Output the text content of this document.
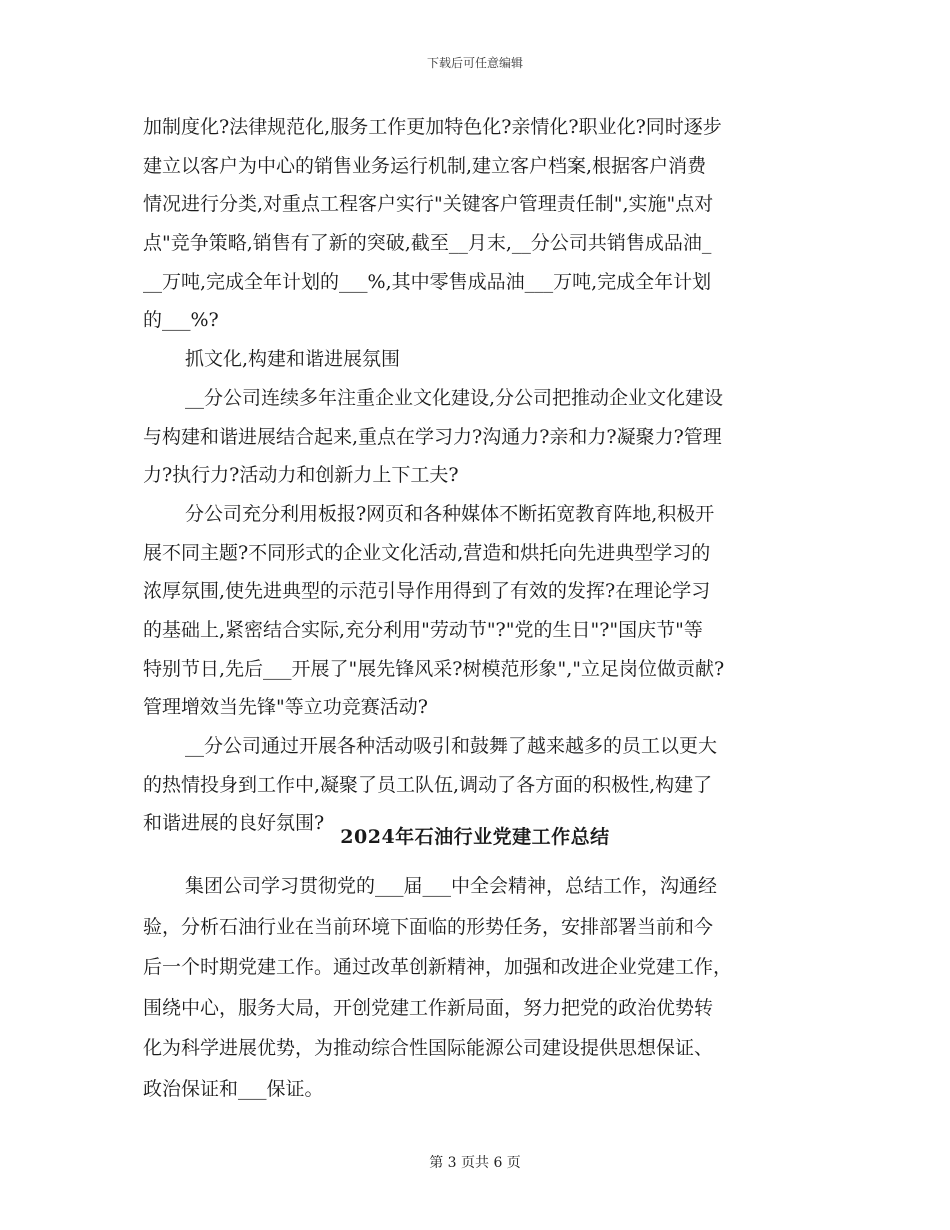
下载后可任意编辑
加制度化?法律规范化,服务工作更加特色化?亲情化?职业化?同时逐步
建立以客户为中心的销售业务运行机制,建立客户档案,根据客户消费
情况进行分类,对重点工程客户实行"关键客户管理责任制",实施"点对
点"竞争策略,销售有了新的突破,截至__月末,__分公司共销售成品油_
__万吨,完成全年计划的___%,其中零售成品油___万吨,完成全年计划
的___%?
抓文化,构建和谐进展氛围
__分公司连续多年注重企业文化建设,分公司把推动企业文化建设
与构建和谐进展结合起来,重点在学习力?沟通力?亲和力?凝聚力?管理
力?执行力?活动力和创新力上下工夫?
分公司充分利用板报?网页和各种媒体不断拓宽教育阵地,积极开
展不同主题?不同形式的企业文化活动,营造和烘托向先进典型学习的
浓厚氛围,使先进典型的示范引导作用得到了有效的发挥?在理论学习
的基础上,紧密结合实际,充分利用"劳动节"?"党的生日"?"国庆节"等
特别节日,先后___开展了"展先锋风采?树模范形象","立足岗位做贡献?
管理增效当先锋"等立功竞赛活动?
__分公司通过开展各种活动吸引和鼓舞了越来越多的员工以更大
的热情投身到工作中,凝聚了员工队伍,调动了各方面的积极性,构建了
和谐进展的良好氛围?
2024年石油行业党建工作总结
集团公司学习贯彻党的___届___中全会精神，总结工作，沟通经
验，分析石油行业在当前环境下面临的形势任务，安排部署当前和今
后一个时期党建工作。通过改革创新精神，加强和改进企业党建工作，
围绕中心，服务大局，开创党建工作新局面，努力把党的政治优势转
化为科学进展优势，为推动综合性国际能源公司建设提供思想保证、
政治保证和___保证。
第 3 页共 6 页
